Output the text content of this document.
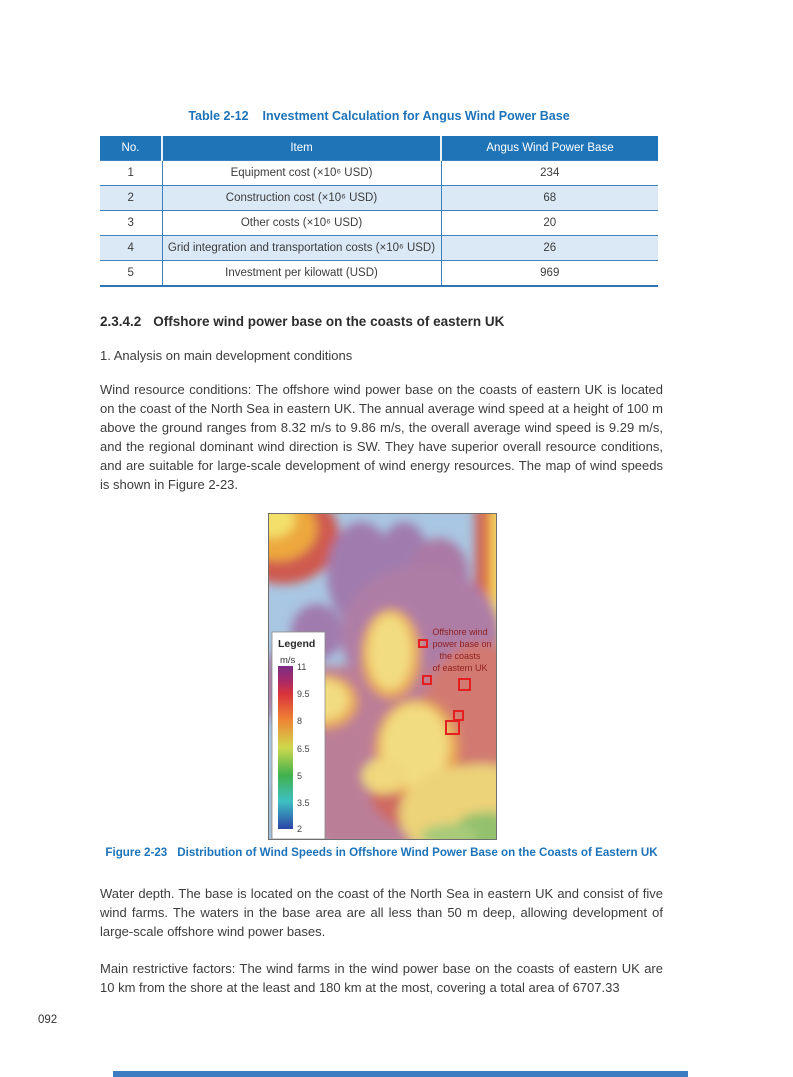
Table 2-12 Investment Calculation for Angus Wind Power Base
No.	Item	Angus Wind Power Base
1	Equipment cost (×10⁶ USD)	234
2	Construction cost (×10⁶ USD)	68
3	Other costs (×10⁶ USD)	20
4	Grid integration and transportation costs (×10⁶ USD)	26
5	Investment per kilowatt (USD)	969
2.3.4.2 Offshore wind power base on the coasts of eastern UK
1. Analysis on main development conditions
Wind resource conditions: The offshore wind power base on the coasts of eastern UK is located on the coast of the North Sea in eastern UK. The annual average wind speed at a height of 100 m above the ground ranges from 8.32 m/s to 9.86 m/s, the overall average wind speed is 9.29 m/s, and the regional dominant wind direction is SW. They have superior overall resource conditions, and are suitable for large-scale development of wind energy resources. The map of wind speeds is shown in Figure 2-23.
Offshore wind
power base on
the coasts
of eastern UK
Legend
m/s
11
9.5
8
6.5
5
3.5
2
Figure 2-23 Distribution of Wind Speeds in Offshore Wind Power Base on the Coasts of Eastern UK
Water depth. The base is located on the coast of the North Sea in eastern UK and consist of five wind farms. The waters in the base area are all less than 50 m deep, allowing development of large-scale offshore wind power bases.
Main restrictive factors: The wind farms in the wind power base on the coasts of eastern UK are 10 km from the shore at the least and 180 km at the most, covering a total area of 6707.33
092
